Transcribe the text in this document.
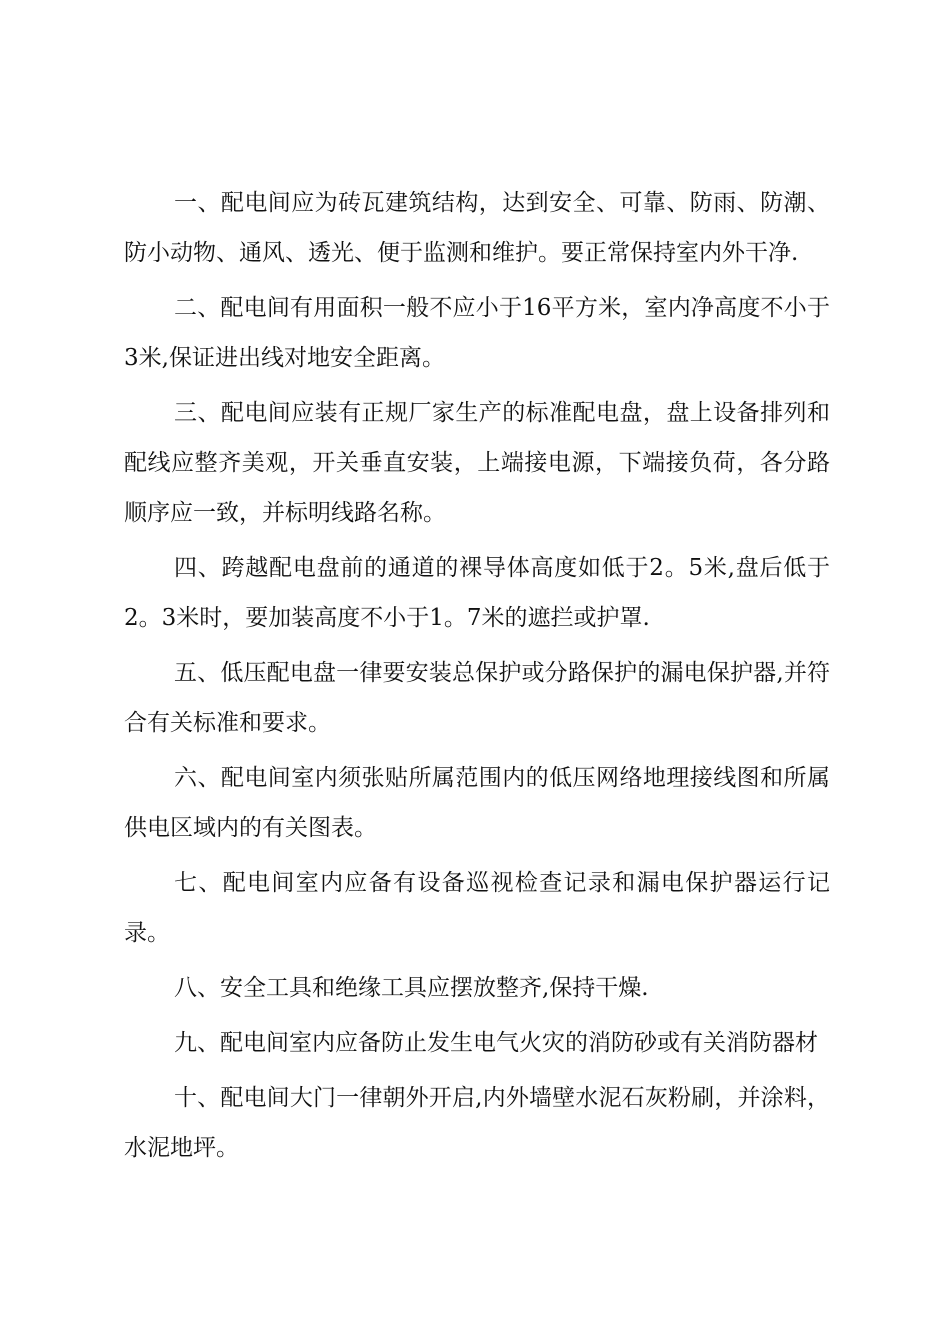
一、配电间应为砖瓦建筑结构，达到安全、可靠、防雨、防潮、防小动物、通风、透光、便于监测和维护。要正常保持室内外干净.

二、配电间有用面积一般不应小于16平方米，室内净高度不小于3米,保证进出线对地安全距离。

三、配电间应装有正规厂家生产的标准配电盘，盘上设备排列和配线应整齐美观，开关垂直安装，上端接电源，下端接负荷，各分路顺序应一致，并标明线路名称。

四、跨越配电盘前的通道的裸导体高度如低于2。5米,盘后低于2。3米时，要加装高度不小于1。7米的遮拦或护罩.

五、低压配电盘一律要安装总保护或分路保护的漏电保护器,并符合有关标准和要求。

六、配电间室内须张贴所属范围内的低压网络地理接线图和所属供电区域内的有关图表。

七、配电间室内应备有设备巡视检查记录和漏电保护器运行记录。

八、安全工具和绝缘工具应摆放整齐,保持干燥.

九、配电间室内应备防止发生电气火灾的消防砂或有关消防器材

十、配电间大门一律朝外开启,内外墙壁水泥石灰粉刷，并涂料，水泥地坪。
